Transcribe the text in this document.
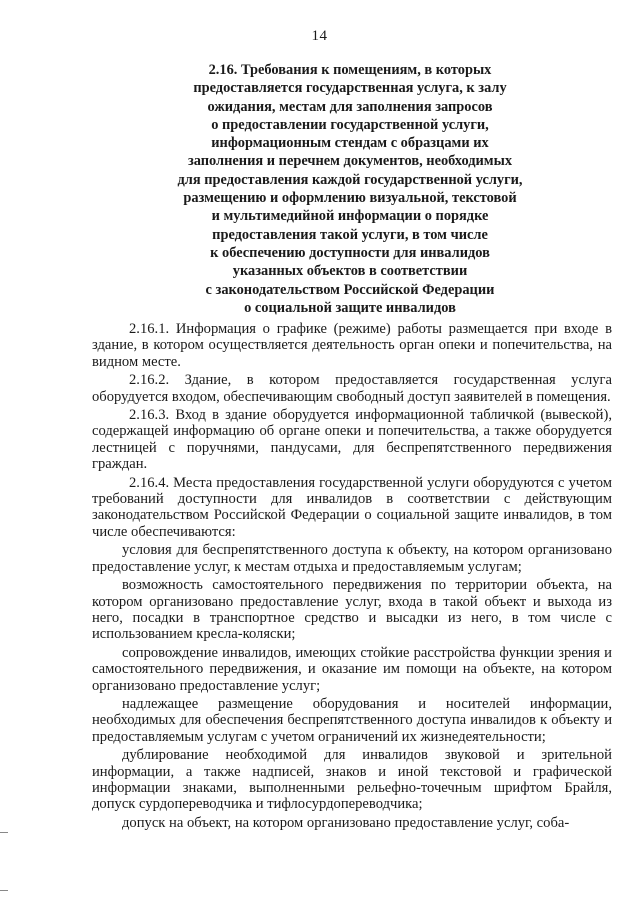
14
2.16. Требования к помещениям, в которых
предоставляется государственная услуга, к залу
ожидания, местам для заполнения запросов
о предоставлении государственной услуги,
информационным стендам с образцами их
заполнения и перечнем документов, необходимых
для предоставления каждой государственной услуги,
размещению и оформлению визуальной, текстовой
и мультимедийной информации о порядке
предоставления такой услуги, в том числе
к обеспечению доступности для инвалидов
указанных объектов в соответствии
с законодательством Российской Федерации
о социальной защите инвалидов

2.16.1. Информация о графике (режиме) работы размещается при входе в здание, в котором осуществляется деятельность орган опеки и попечительства, на видном месте.

2.16.2. Здание, в котором предоставляется государственная услуга оборудуется входом, обеспечивающим свободный доступ заявителей в помещения.

2.16.3. Вход в здание оборудуется информационной табличкой (вывеской), содержащей информацию об органе опеки и попечительства, а также оборудуется лестницей с поручнями, пандусами, для беспрепятственного передвижения граждан.

2.16.4. Места предоставления государственной услуги оборудуются с учетом требований доступности для инвалидов в соответствии с действующим законодательством Российской Федерации о социальной защите инвалидов, в том числе обеспечиваются:

условия для беспрепятственного доступа к объекту, на котором организовано предоставление услуг, к местам отдыха и предоставляемым услугам;

возможность самостоятельного передвижения по территории объекта, на котором организовано предоставление услуг, входа в такой объект и выхода из него, посадки в транспортное средство и высадки из него, в том числе с использованием кресла-коляски;

сопровождение инвалидов, имеющих стойкие расстройства функции зрения и самостоятельного передвижения, и оказание им помощи на объекте, на котором организовано предоставление услуг;

надлежащее размещение оборудования и носителей информации, необходимых для обеспечения беспрепятственного доступа инвалидов к объекту и предоставляемым услугам с учетом ограничений их жизнедеятельности;

дублирование необходимой для инвалидов звуковой и зрительной информации, а также надписей, знаков и иной текстовой и графической информации знаками, выполненными рельефно-точечным шрифтом Брайля, допуск сурдопереводчика и тифлосурдопереводчика;

допуск на объект, на котором организовано предоставление услуг, соба-
